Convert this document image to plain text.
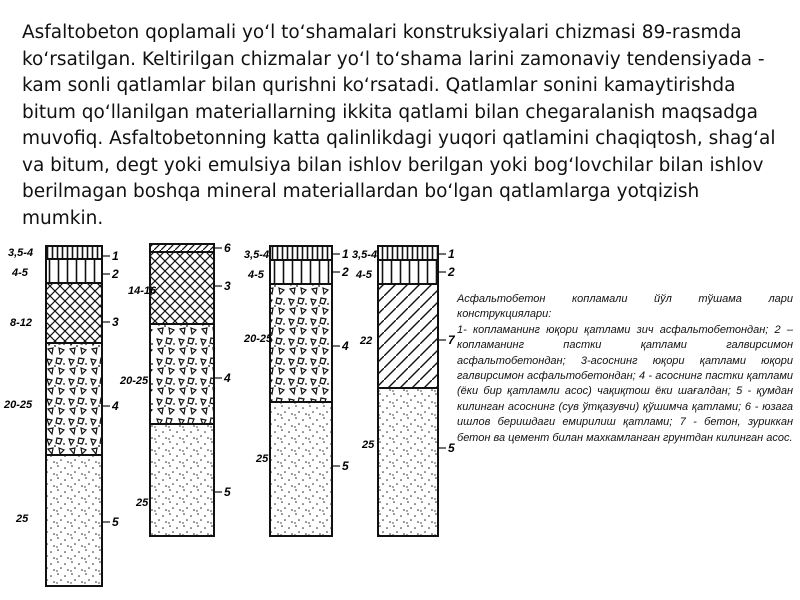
Asfaltobeton qoplamali yoʻl toʻshamalari konstruksiyalari chizmasi 89-rasmda koʻrsatilgan. Keltirilgan chizmalar yoʻl toʻshama larini zamonaviy tendensiyada - kam sonli qatlamlar bilan qurishni koʻrsatadi. Qatlamlar sonini kamaytirishda bitum qoʻllanilgan materiallarning ikkita qatlami bilan chegaralanish maqsadga muvofiq. Asfaltobetonning katta qalinlikdagi yuqori qatlamini chaqiqtosh, shagʻal va bitum, degt yoki emulsiya bilan ishlov berilgan yoki bogʻlovchilar bilan ishlov berilmagan boshqa mineral materiallardan boʻlgan qatlamlarga yotqizish mumkin.

3,5-4
4-5
8-12
20-25
25
1
2
3
4
5
14-16
20-25
25
6
3
4
5
3,5-4
4-5
20-25
25
1
2
4
5
3,5-4
4-5
22
25
1
2
7
5

Асфальтобетон копламали йўл тўшама лари конструкциялари:
1- копламанинг юқори қатлами зич асфальтобетондан; 2 – копламанинг пастки қатлами галвирсимон асфальтобетондан; 3-асоснинг юқори қатлами юқори галвирсимон асфальтобетондан; 4 - асоснинг пастки қатлами (ёки бир қатламли асос) чақиқтош ёки шағалдан; 5 - қумдан килинган асоснинг (сув ўтқазувчи) қўшимча қатлами; 6 - юзага ишлов беришдаги емирилиш қатлами; 7 - бетон, зуриккан бетон ва цемент билан махкамланган грунтдан килинган асос.
